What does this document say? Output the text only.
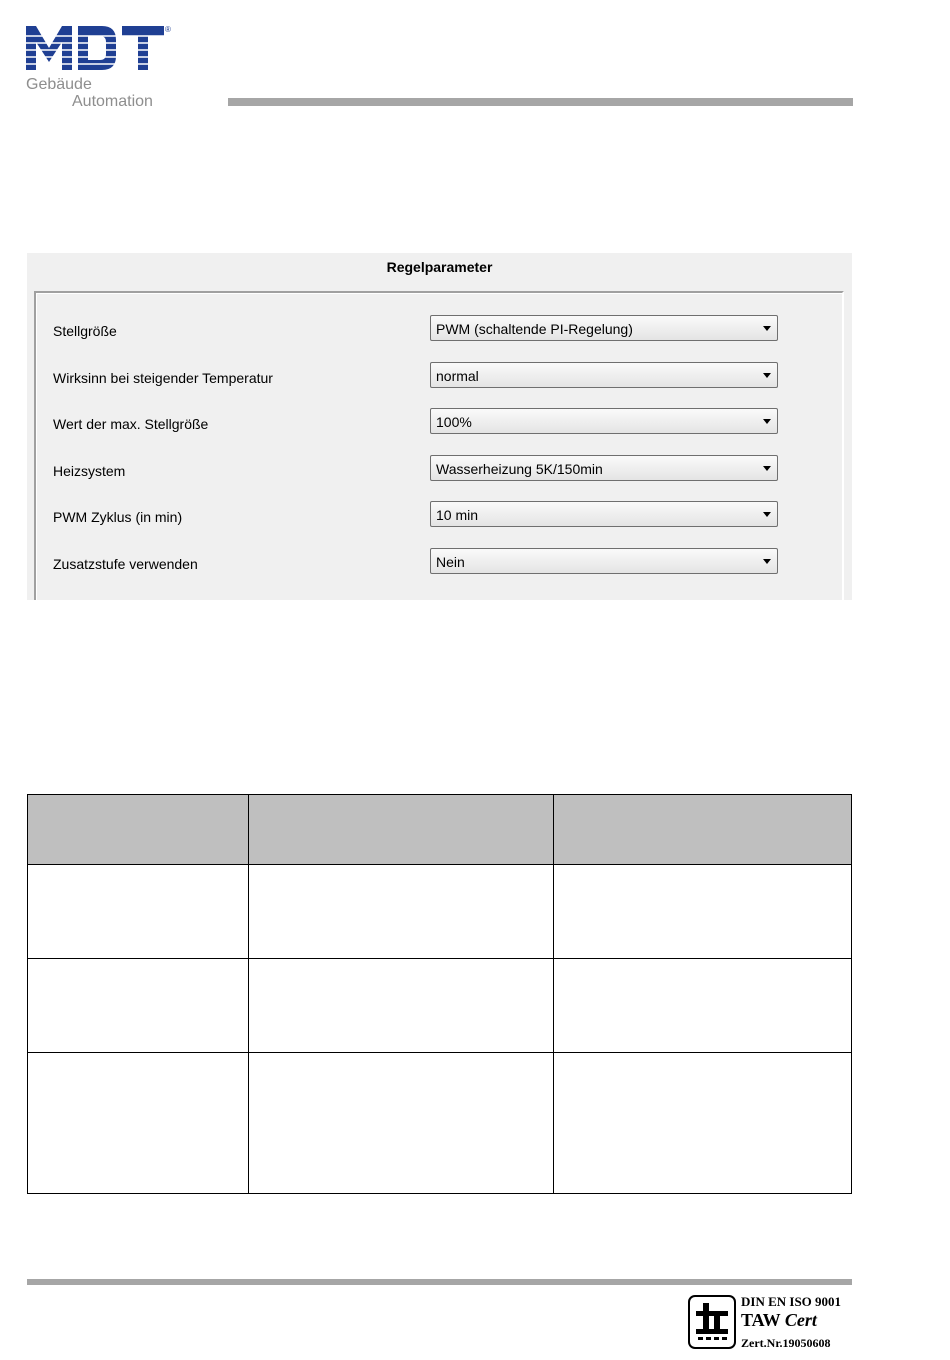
MDT
®
Gebäude
Automation
Regelparameter
Stellgröße	PWM (schaltende PI-Regelung)
Wirksinn bei steigender Temperatur	normal
Wert der max. Stellgröße	100%
Heizsystem	Wasserheizung 5K/150min
PWM Zyklus (in min)	10 min
Zusatzstufe verwenden	Nein

DIN EN ISO 9001
TAW Cert
Zert.Nr.19050608
